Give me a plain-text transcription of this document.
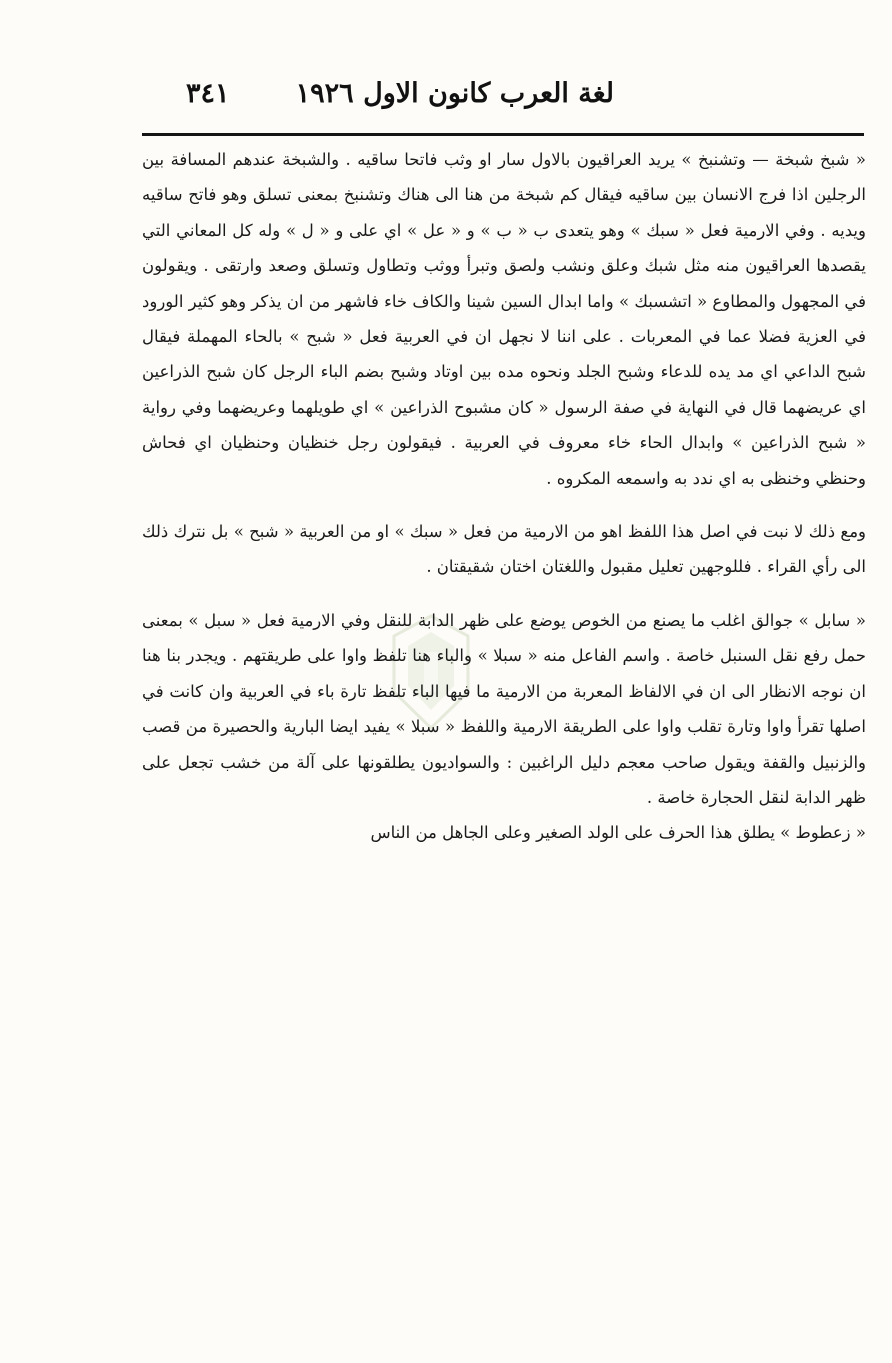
لغة العرب كانون الاول ١٩٢٦
٣٤١

« شبخ شبخة — وتشنبخ » يريد العراقيون بالاول سار او وثب فاتحا ساقيه . والشبخة عندهم المسافة بين الرجلين اذا فرج الانسان بين ساقيه فيقال كم شبخة من هنا الى هناك وتشنبخ بمعنى تسلق وهو فاتح ساقيه ويديه . وفي الارمية فعل « سبك » وهو يتعدى ب « ب » و « عل » اي على و « ل » وله كل المعاني التي يقصدها العراقيون منه مثل شبك وعلق ونشب ولصق وتبرأ ووثب وتطاول وتسلق وصعد وارتقى . ويقولون في المجهول والمطاوع « اتشسبك » واما ابدال السين شينا والكاف خاء فاشهر من ان يذكر وهو كثير الورود في العزية فضلا عما في المعربات . على اننا لا نجهل ان في العربية فعل « شبح » بالحاء المهملة فيقال شبح الداعي اي مد يده للدعاء وشبح الجلد ونحوه مده بين اوتاد وشبح بضم الباء الرجل كان شبح الذراعين اي عريضهما قال في النهاية في صفة الرسول « كان مشبوح الذراعين » اي طويلهما وعريضهما وفي رواية « شبح الذراعين » وابدال الحاء خاء معروف في العربية . فيقولون رجل خنظيان وحنظيان اي فحاش وحنظي وخنظى به اي ندد به واسمعه المكروه .

ومع ذلك لا نبت في اصل هذا اللفظ اهو من الارمية من فعل « سبك » او من العربية « شبح » بل نترك ذلك الى رأي القراء . فللوجهين تعليل مقبول واللغتان اختان شقيقتان .

« سابل » جوالق اغلب ما يصنع من الخوص يوضع على ظهر الدابة للنقل وفي الارمية فعل « سبل » بمعنى حمل رفع نقل السنبل خاصة . واسم الفاعل منه « سبلا » والباء هنا تلفظ واوا على طريقتهم . ويجدر بنا هنا ان نوجه الانظار الى ان في الالفاظ المعربة من الارمية ما فيها الباء تلفظ تارة باء في العربية وان كانت في اصلها تقرأ واوا وتارة تقلب واوا على الطريقة الارمية واللفظ « سبلا » يفيد ايضا البارية والحصيرة من قصب والزنبيل والقفة ويقول صاحب معجم دليل الراغبين : والسواديون يطلقونها على آلة من خشب تجعل على ظهر الدابة لنقل الحجارة خاصة .

« زعطوط » يطلق هذا الحرف على الولد الصغير وعلى الجاهل من الناس
